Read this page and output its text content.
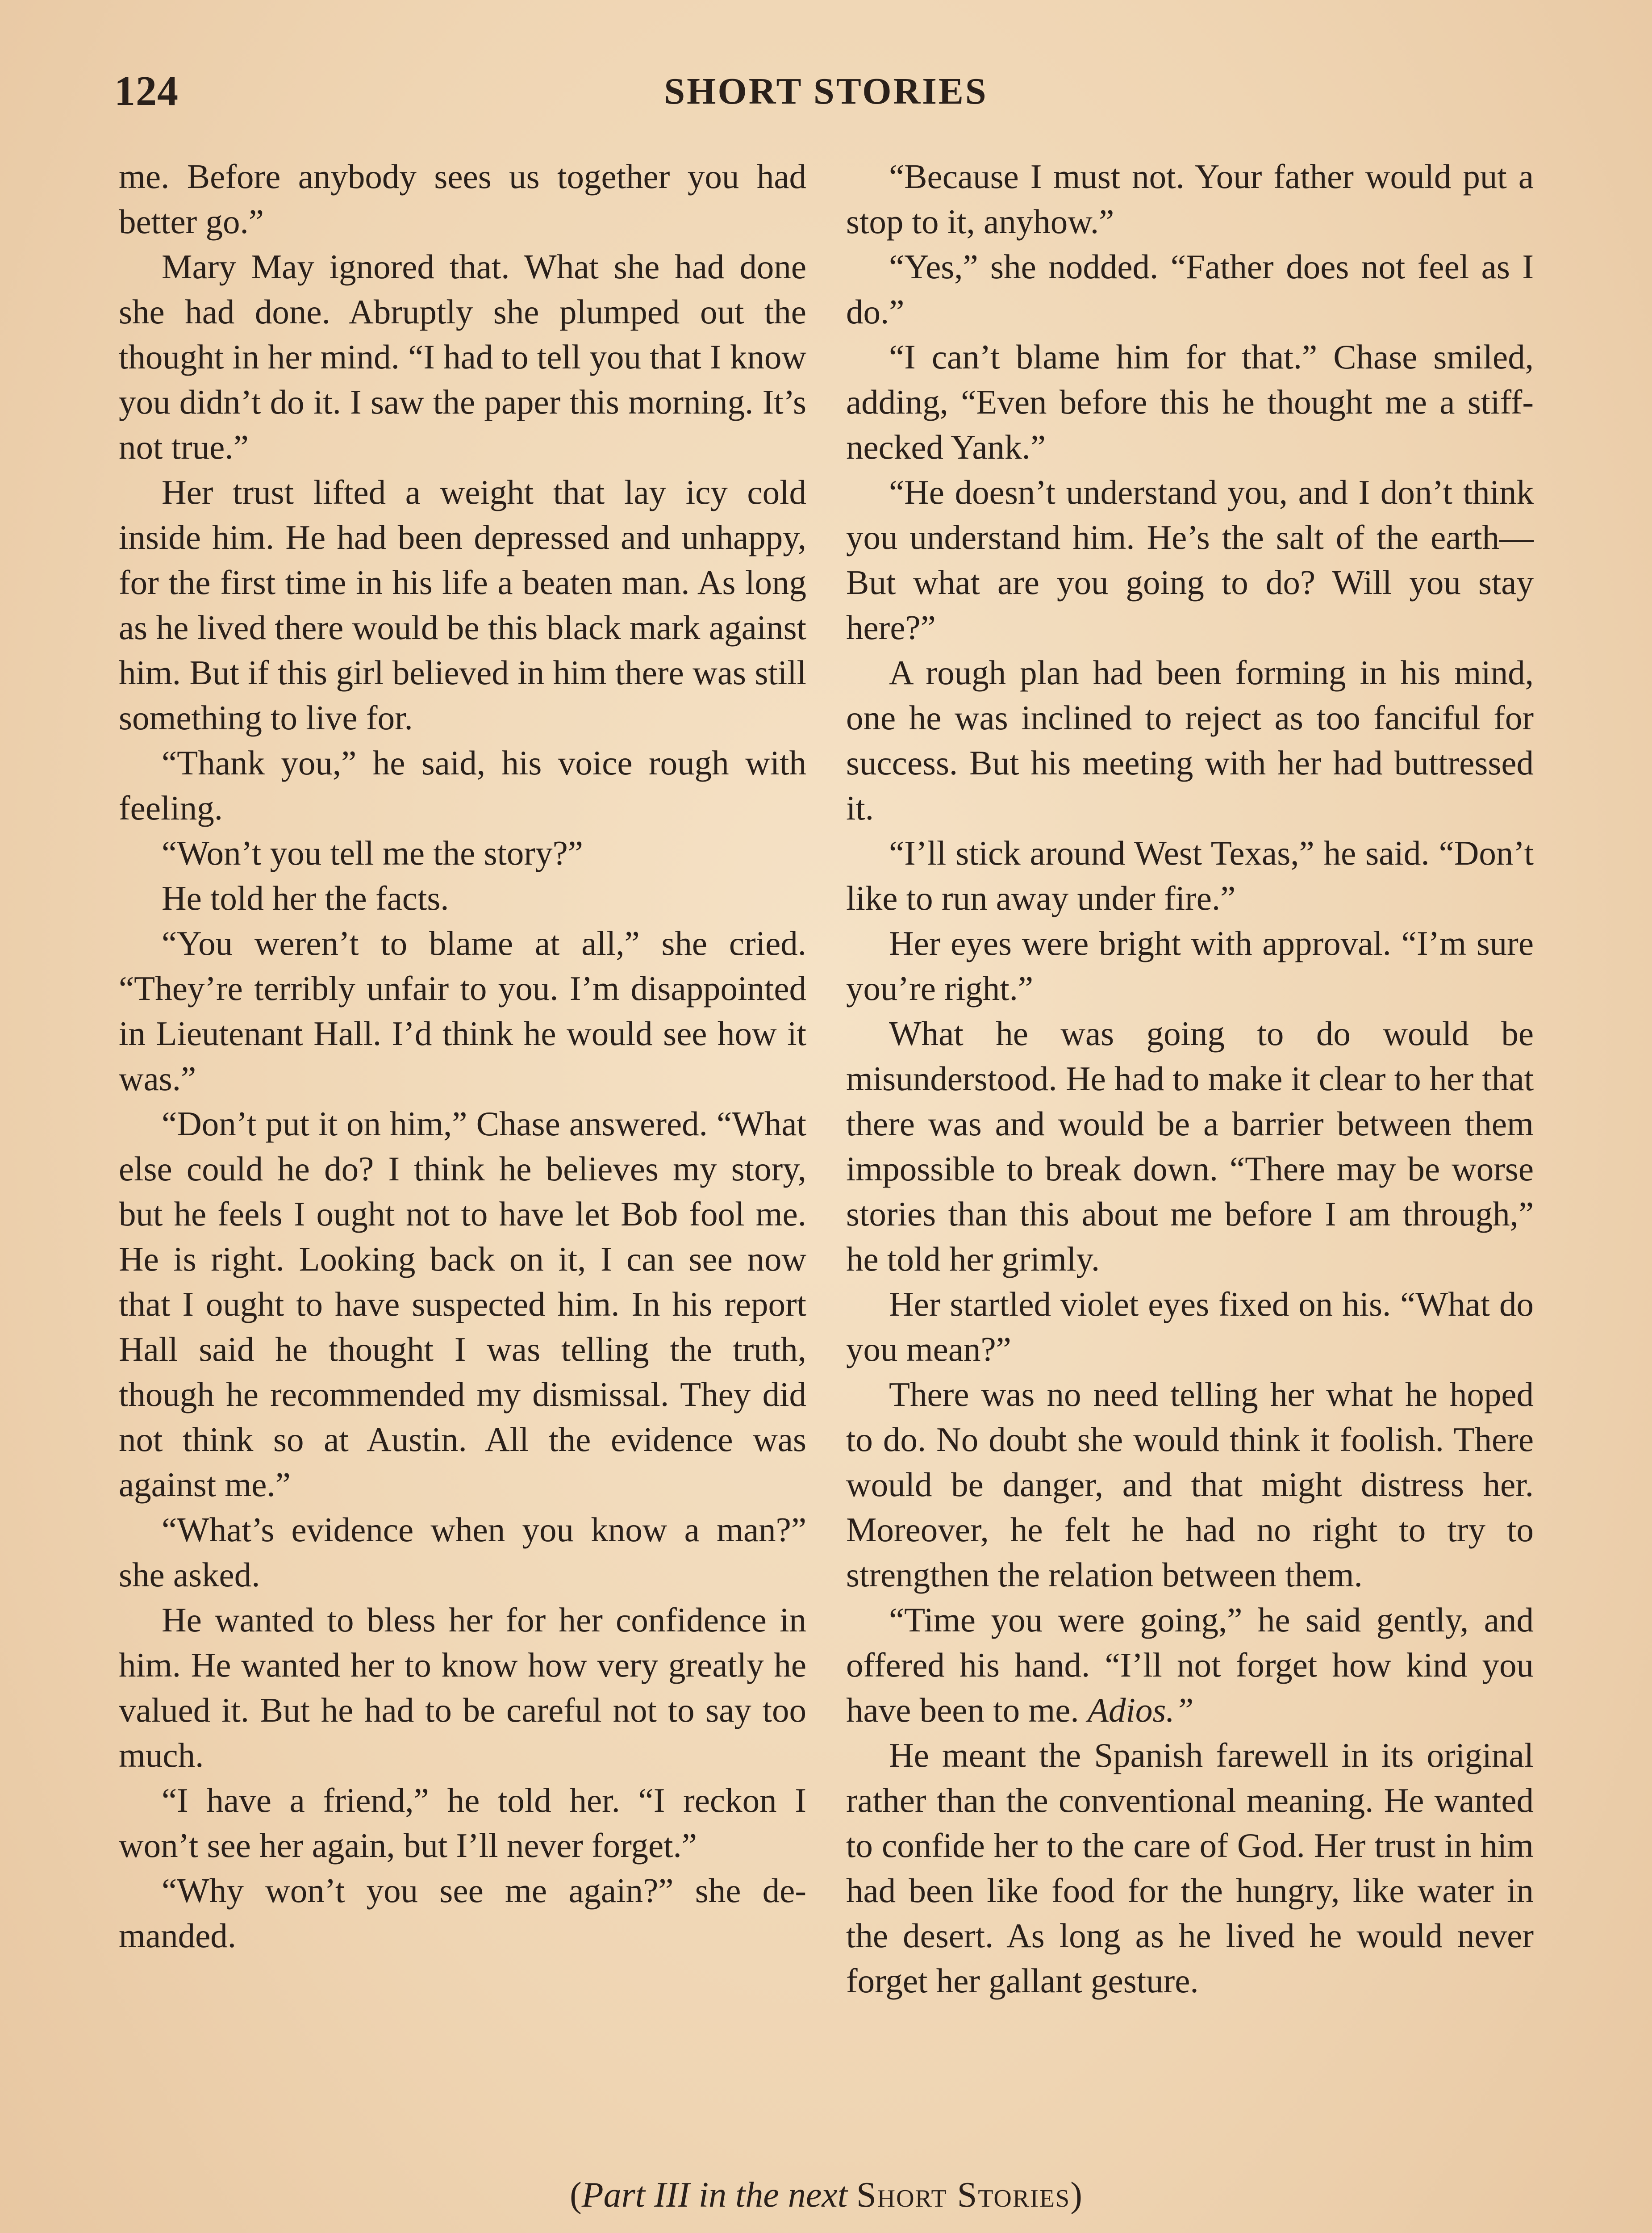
124	SHORT STORIES

me. Before anybody sees us together you had better go.”

Mary May ignored that. What she had done she had done. Abruptly she plumped out the thought in her mind. “I had to tell you that I know you didn’t do it. I saw the paper this morning. It’s not true.”

Her trust lifted a weight that lay icy cold inside him. He had been depressed and unhappy, for the first time in his life a beaten man. As long as he lived there would be this black mark against him. But if this girl believed in him there was still something to live for.

“Thank you,” he said, his voice rough with feeling.

“Won’t you tell me the story?”

He told her the facts.

“You weren’t to blame at all,” she cried. “They’re terribly unfair to you. I’m disappointed in Lieutenant Hall. I’d think he would see how it was.”

“Don’t put it on him,” Chase answered. “What else could he do? I think he believes my story, but he feels I ought not to have let Bob fool me. He is right. Looking back on it, I can see now that I ought to have suspected him. In his report Hall said he thought I was telling the truth, though he recommended my dismissal. They did not think so at Austin. All the evidence was against me.”

“What’s evidence when you know a man?” she asked.

He wanted to bless her for her confidence in him. He wanted her to know how very greatly he valued it. But he had to be careful not to say too much.

“I have a friend,” he told her. “I reckon I won’t see her again, but I’ll never forget.”

“Why won’t you see me again?” she demanded.

“Because I must not. Your father would put a stop to it, anyhow.”

“Yes,” she nodded. “Father does not feel as I do.”

“I can’t blame him for that.” Chase smiled, adding, “Even before this he thought me a stiff-necked Yank.”

“He doesn’t understand you, and I don’t think you understand him. He’s the salt of the earth— But what are you going to do? Will you stay here?”

A rough plan had been forming in his mind, one he was inclined to reject as too fanciful for success. But his meeting with her had buttressed it.

“I’ll stick around West Texas,” he said. “Don’t like to run away under fire.”

Her eyes were bright with approval. “I’m sure you’re right.”

What he was going to do would be misunderstood. He had to make it clear to her that there was and would be a barrier between them impossible to break down. “There may be worse stories than this about me before I am through,” he told her grimly.

Her startled violet eyes fixed on his. “What do you mean?”

There was no need telling her what he hoped to do. No doubt she would think it foolish. There would be danger, and that might distress her. Moreover, he felt he had no right to try to strengthen the relation between them.

“Time you were going,” he said gently, and offered his hand. “I’ll not forget how kind you have been to me. Adios.”

He meant the Spanish farewell in its original rather than the conventional meaning. He wanted to confide her to the care of God. Her trust in him had been like food for the hungry, like water in the desert. As long as he lived he would never forget her gallant gesture.

(Part III in the next Short Stories)
